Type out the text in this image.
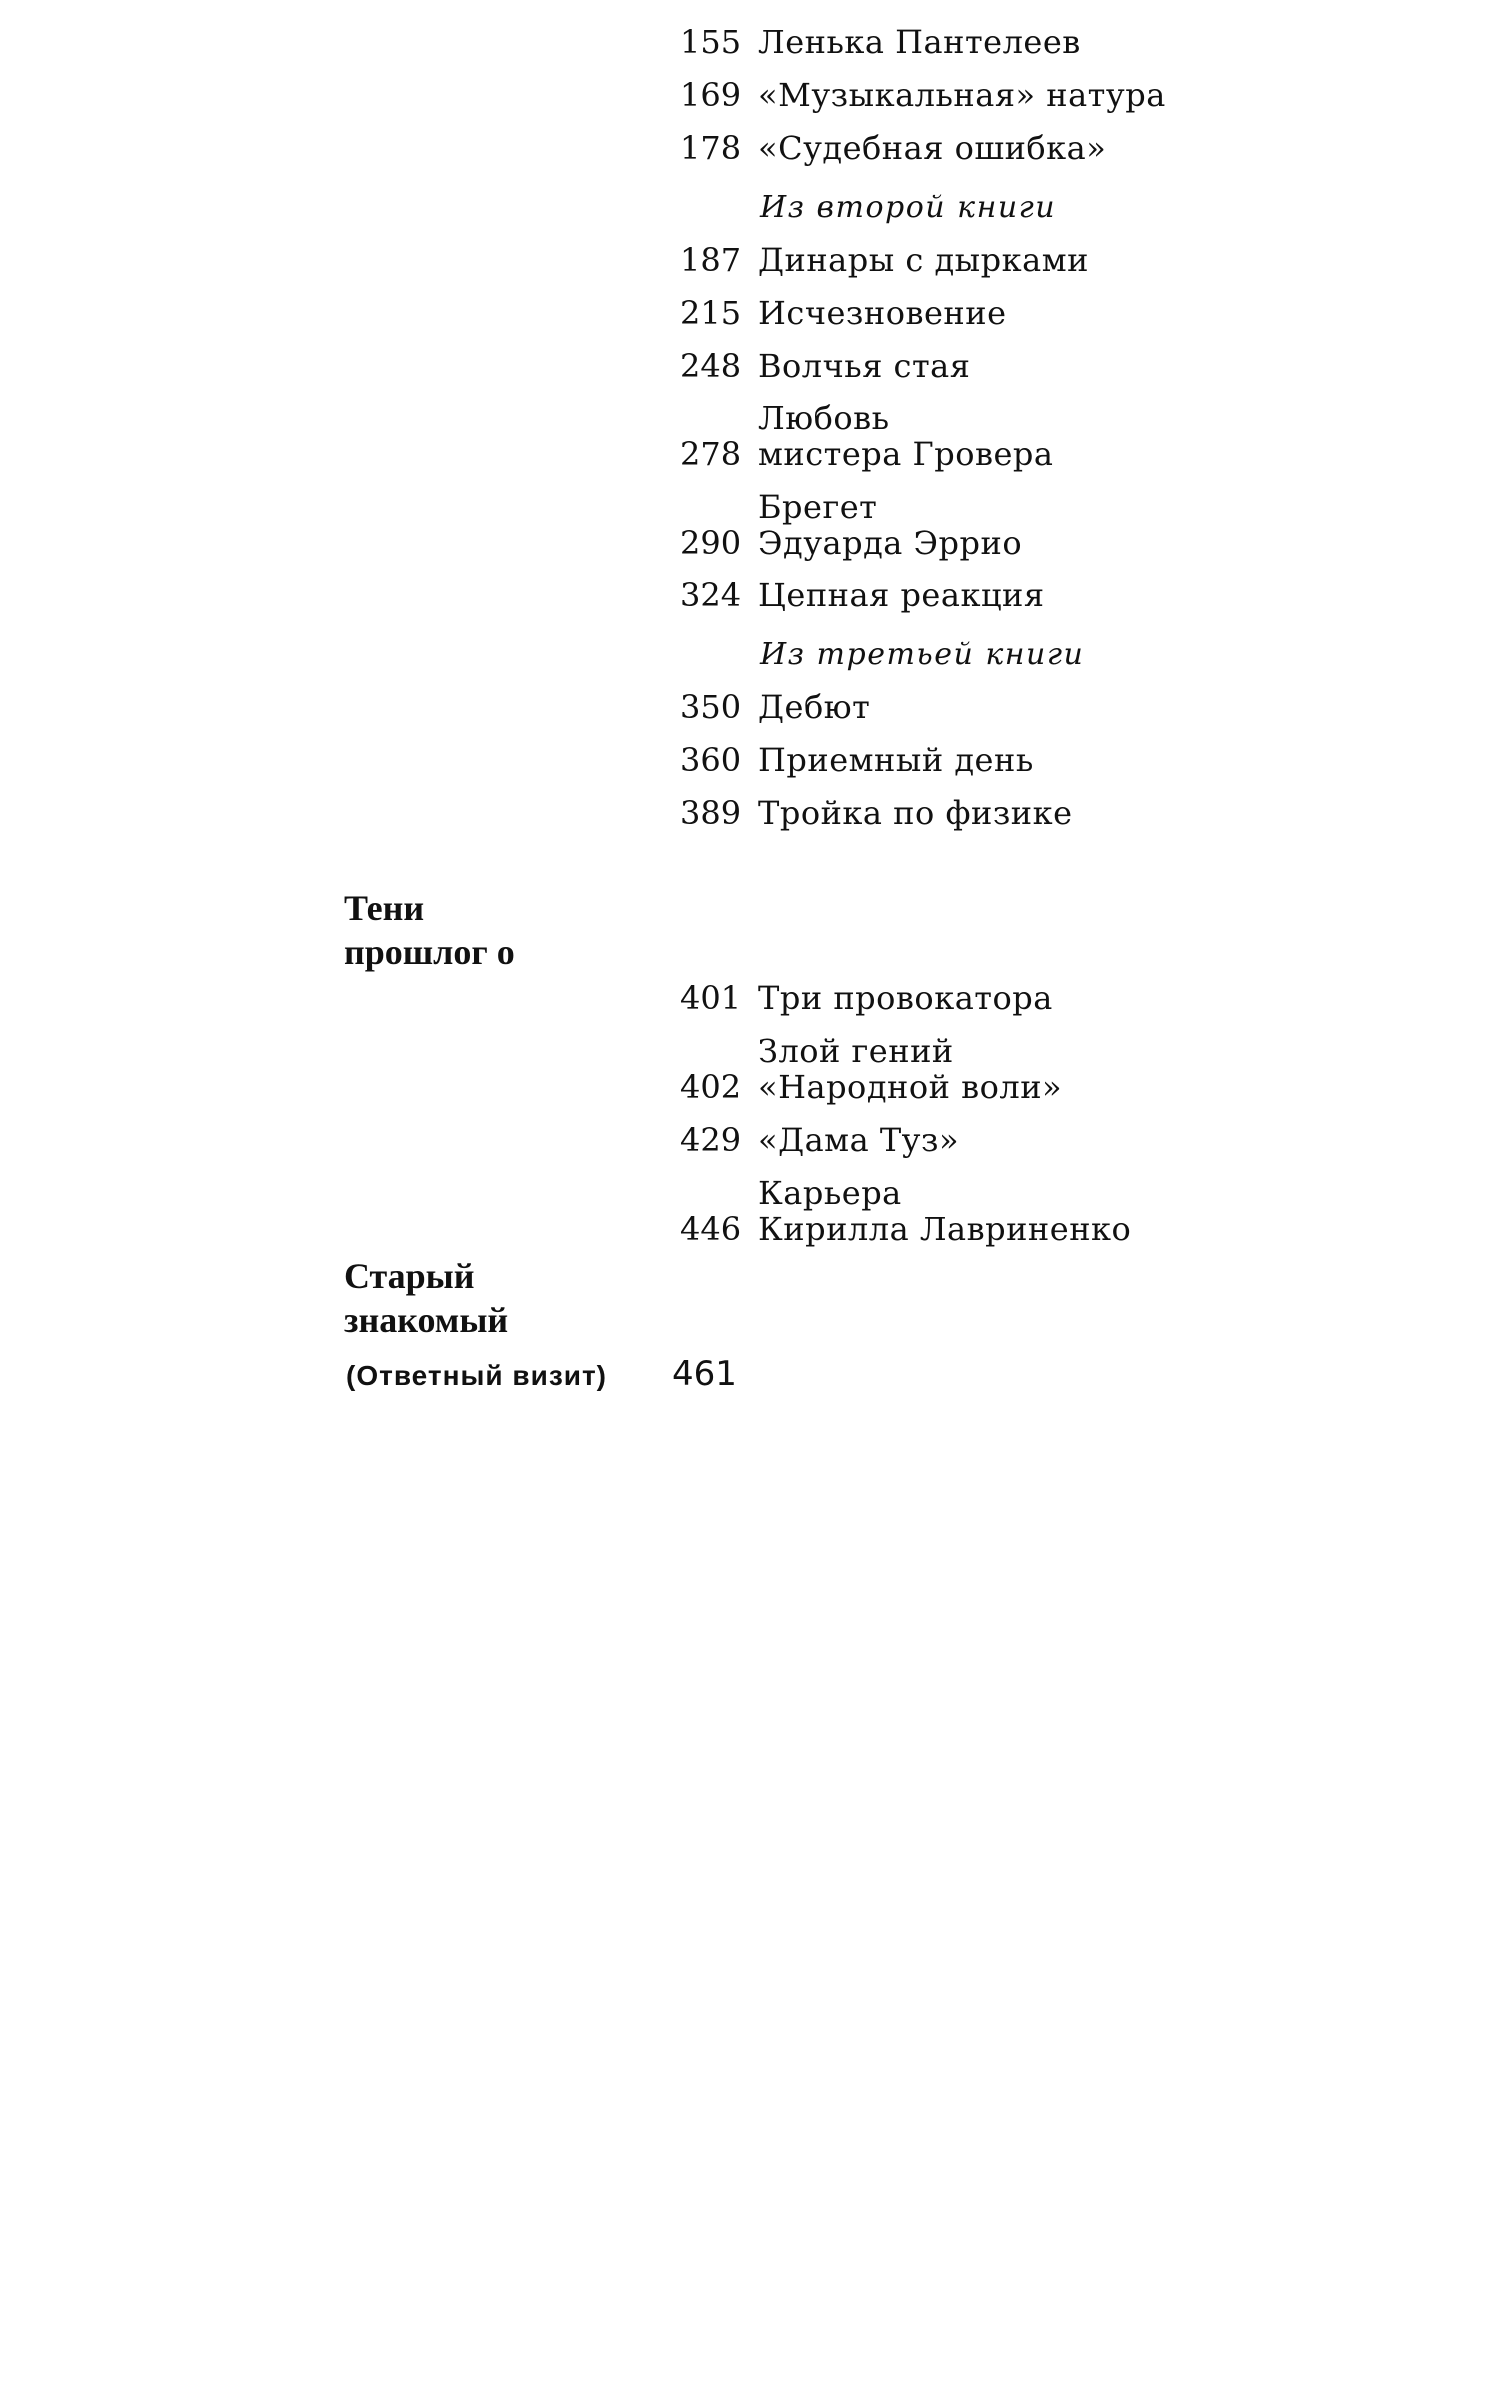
155 Ленька Пантелеев
169 «Музыкальная» натура
178 «Судебная ошибка»
Из второй книги
187 Динары с дырками
215 Исчезновение
248 Волчья стая
278
Любовь
мистера Гровера
290
Брегет
Эдуарда Эррио
324 Цепная реакция
Из третьей книги
350 Дебют
360 Приемный день
389 Тройка по физике
Тени
прошлог о
401 Три провокатора
402
Злой гений
«Народной воли»
429 «Дама Туз»
446
Карьера
Кирилла Лавриненко
Старый
знакомый
(Ответный визит) 461
